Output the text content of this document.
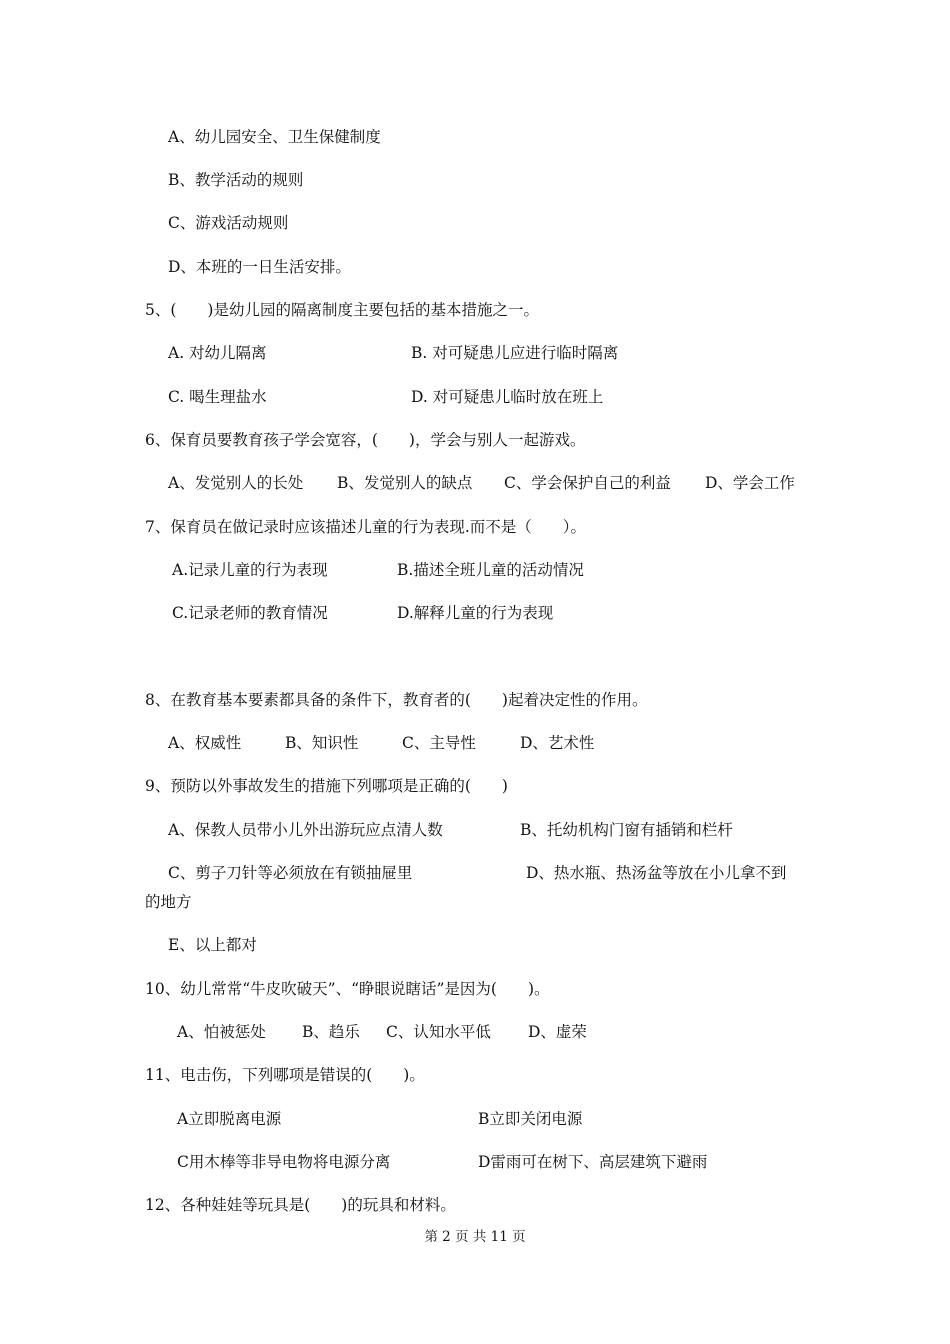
A、幼儿园安全、卫生保健制度
B、教学活动的规则
C、游戏活动规则
D、本班的一日生活安排。
5、(　　)是幼儿园的隔离制度主要包括的基本措施之一。
A. 对幼儿隔离	B. 对可疑患儿应进行临时隔离
C. 喝生理盐水	D. 对可疑患儿临时放在班上
6、保育员要教育孩子学会宽容，(　　)，学会与别人一起游戏。
A、发觉别人的长处 B、发觉别人的缺点 C、学会保护自己的利益 D、学会工作
7、保育员在做记录时应该描述儿童的行为表现.而不是（　　）。
A.记录儿童的行为表现	B.描述全班儿童的活动情况
C.记录老师的教育情况	D.解释儿童的行为表现
8、在教育基本要素都具备的条件下，教育者的(　　)起着决定性的作用。
A、权威性	B、知识性	C、主导性	D、艺术性
9、预防以外事故发生的措施下列哪项是正确的(　　)
A、保教人员带小儿外出游玩应点清人数	B、托幼机构门窗有插销和栏杆
C、剪子刀针等必须放在有锁抽屉里	D、热水瓶、热汤盆等放在小儿拿不到
的地方
E、以上都对
10、幼儿常常“牛皮吹破天”、“睁眼说瞎话”是因为(　　)。
A、怕被惩处 B、趋乐 C、认知水平低 D、虚荣
11、电击伤，下列哪项是错误的(　　)。
A立即脱离电源	B立即关闭电源
C用木棒等非导电物将电源分离	D雷雨可在树下、高层建筑下避雨
12、各种娃娃等玩具是(　　)的玩具和材料。
第 2 页 共 11 页
